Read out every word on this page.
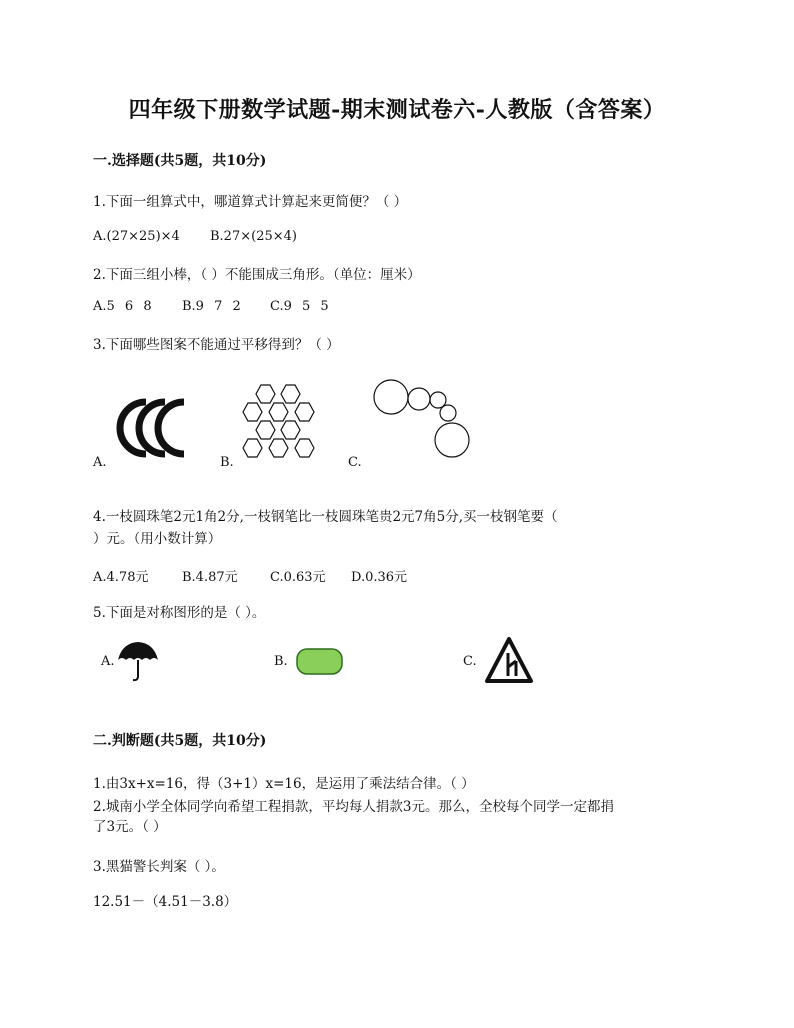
四年级下册数学试题-期末测试卷六-人教版（含答案）
一.选择题(共5题，共10分)
1.下面一组算式中，哪道算式计算起来更简便？（ ）
A.(27×25)×4 B.27×(25×4)
2.下面三组小棒，（ ）不能围成三角形。（单位：厘米）
A.5 6 8 B.9 7 2 C.9 5 5
3.下面哪些图案不能通过平移得到？（ ）
A.	B.	C.
4.一枝圆珠笔2元1角2分,一枝钢笔比一枝圆珠笔贵2元7角5分,买一枝钢笔要（
）元。（用小数计算）
A.4.78元	B.4.87元 C.0.63元 D.0.36元
5.下面是对称图形的是（ ）。
A.	B.	C.
二.判断题(共5题，共10分)
1.由3x+x=16，得（3+1）x=16，是运用了乘法结合律。（ ）
2.城南小学全体同学向希望工程捐款，平均每人捐款3元。那么，全校每个同学一定都捐
了3元。（ ）
3.黑猫警长判案（ ）。
12.51－（4.51－3.8）
